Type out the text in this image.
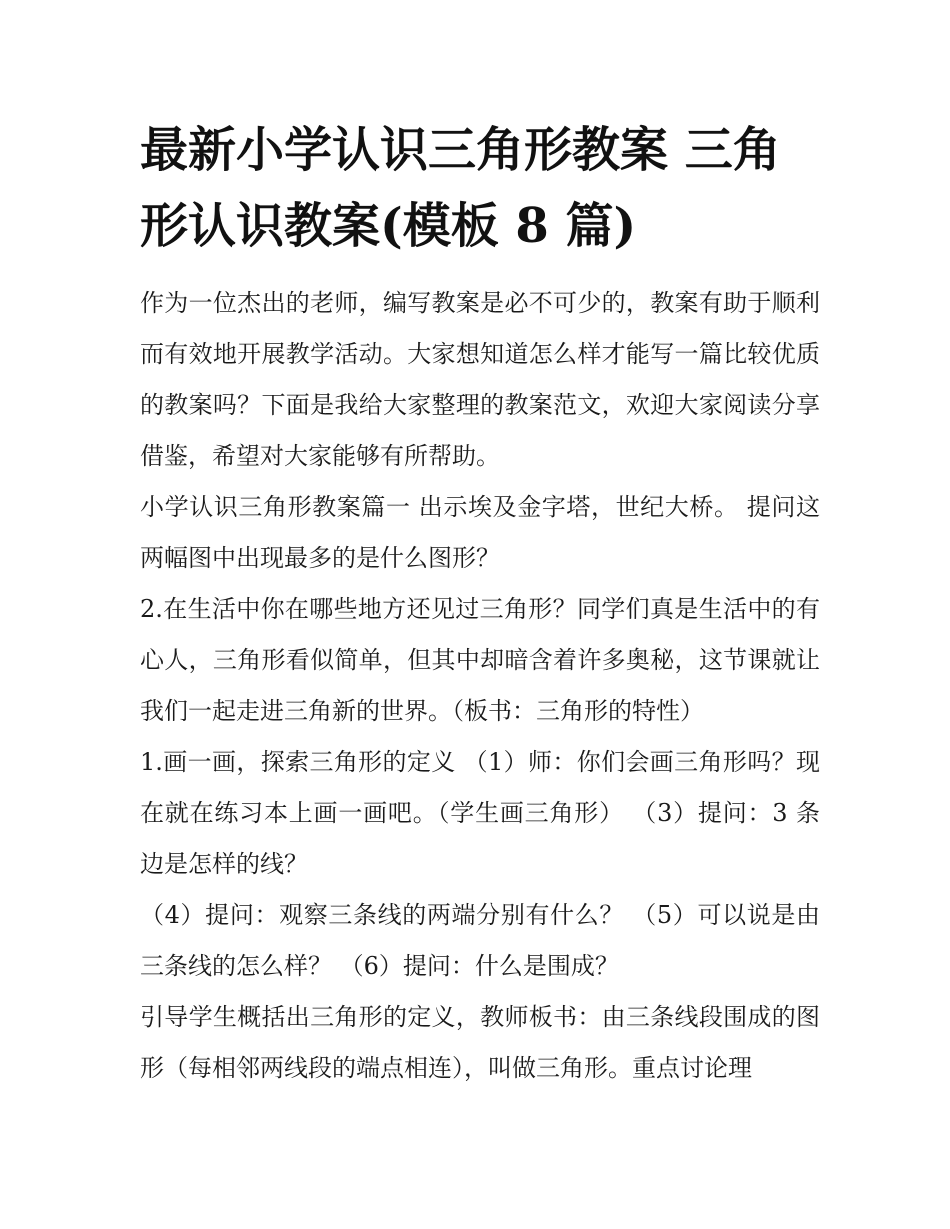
最新小学认识三角形教案 三角
形认识教案(模板 8 篇)

作为一位杰出的老师，编写教案是必不可少的，教案有助于顺利而有效地开展教学活动。大家想知道怎么样才能写一篇比较优质的教案吗？下面是我给大家整理的教案范文，欢迎大家阅读分享借鉴，希望对大家能够有所帮助。

小学认识三角形教案篇一 出示埃及金字塔，世纪大桥。 提问这两幅图中出现最多的是什么图形？

2.在生活中你在哪些地方还见过三角形？同学们真是生活中的有心人，三角形看似简单，但其中却暗含着许多奥秘，这节课就让我们一起走进三角新的世界。（板书：三角形的特性）

1.画一画，探索三角形的定义 （1）师：你们会画三角形吗？现在就在练习本上画一画吧。（学生画三角形） （3）提问：3 条边是怎样的线？

（4）提问：观察三条线的两端分别有什么？ （5）可以说是由三条线的怎么样？ （6）提问：什么是围成？

引导学生概括出三角形的定义，教师板书：由三条线段围成的图形（每相邻两线段的端点相连），叫做三角形。重点讨论理
